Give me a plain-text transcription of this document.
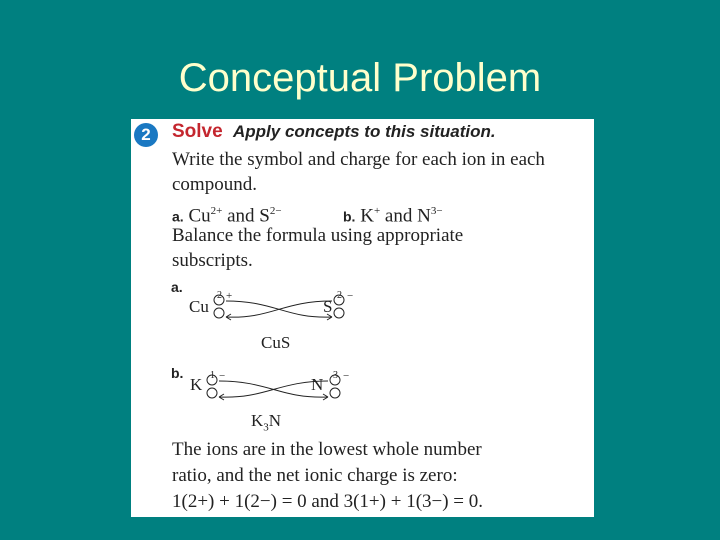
Conceptual Problem
2	Solve Apply concepts to this situation.
Write the symbol and charge for each ion in each
compound.
a. $Cu^{2+}$ and $S^{2-}$	b. K+ and $N^{3-}$
Balance the formula using appropriate
subscripts.
a.
Cu
2 +
S
2 −
CuS
b.
K 1 −	N 3 −
$K_3N$
The ions are in the lowest whole number
ratio, and the net ionic charge is zero:
1(2+) + 1(2−) = 0 and 3(1+) + 1(3−) = 0.
